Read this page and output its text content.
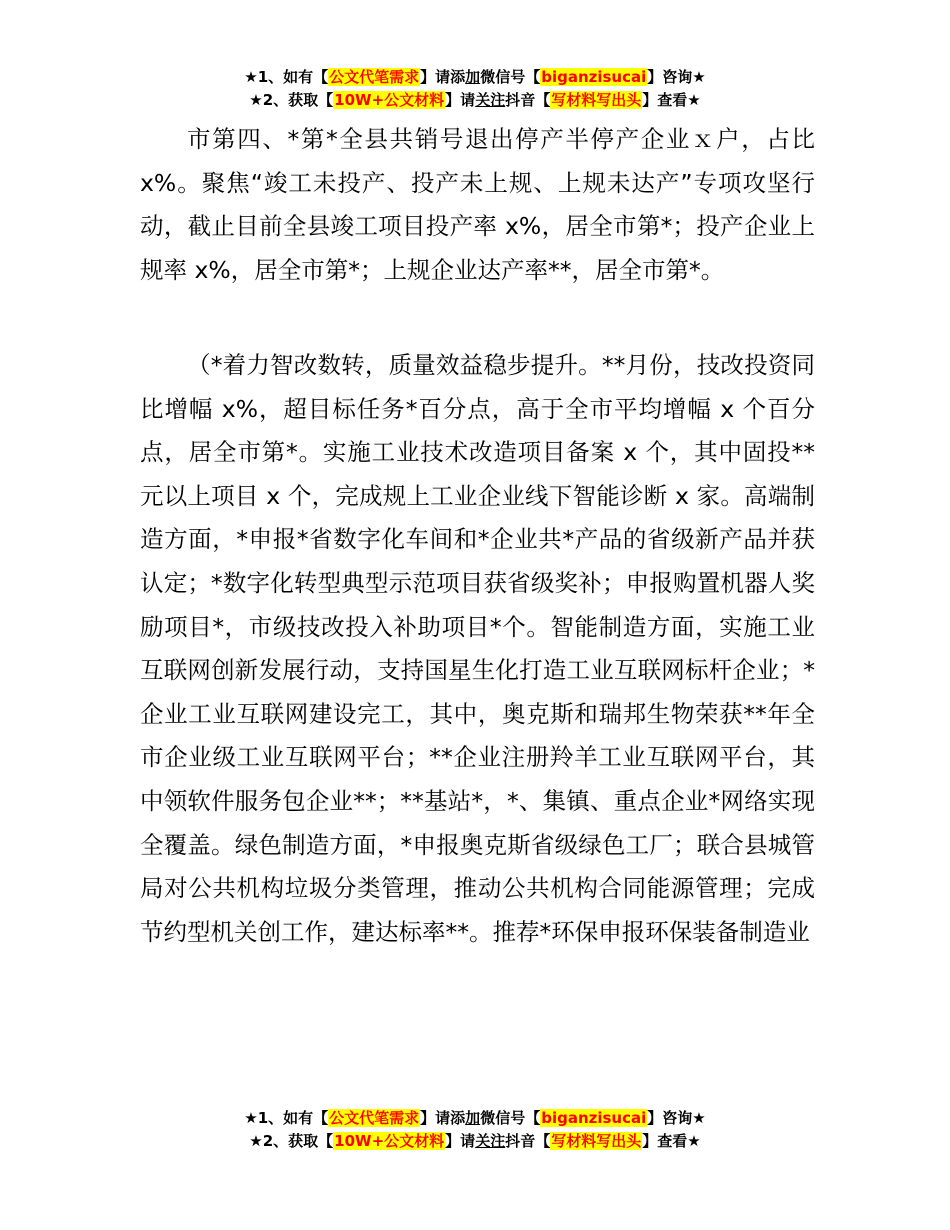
★1、如有【公文代笔需求】请添加微信号【biganzisucai】咨询★
★2、获取【10W+公文材料】请关注抖音【写材料写出头】查看★

市第四、*第*全县共销号退出停产半停产企业ｘ户，占比x%。聚焦“竣工未投产、投产未上规、上规未达产”专项攻坚行动，截止目前全县竣工项目投产率 x%，居全市第*；投产企业上规率 x%，居全市第*；上规企业达产率**，居全市第*。

（*着力智改数转，质量效益稳步提升。**月份，技改投资同比增幅 x%，超目标任务*百分点，高于全市平均增幅 x 个百分点，居全市第*。实施工业技术改造项目备案 x 个，其中固投**元以上项目 x 个，完成规上工业企业线下智能诊断 x 家。高端制造方面，*申报*省数字化车间和*企业共*产品的省级新产品并获认定；*数字化转型典型示范项目获省级奖补；申报购置机器人奖励项目*，市级技改投入补助项目*个。智能制造方面，实施工业互联网创新发展行动，支持国星生化打造工业互联网标杆企业；*企业工业互联网建设完工，其中，奥克斯和瑞邦生物荣获**年全市企业级工业互联网平台；**企业注册羚羊工业互联网平台，其中领软件服务包企业**；**基站*，*、集镇、重点企业*网络实现全覆盖。绿色制造方面，*申报奥克斯省级绿色工厂；联合县城管局对公共机构垃圾分类管理，推动公共机构合同能源管理；完成节约型机关创工作，建达标率**。推荐*环保申报环保装备制造业

★1、如有【公文代笔需求】请添加微信号【biganzisucai】咨询★
★2、获取【10W+公文材料】请关注抖音【写材料写出头】查看★
